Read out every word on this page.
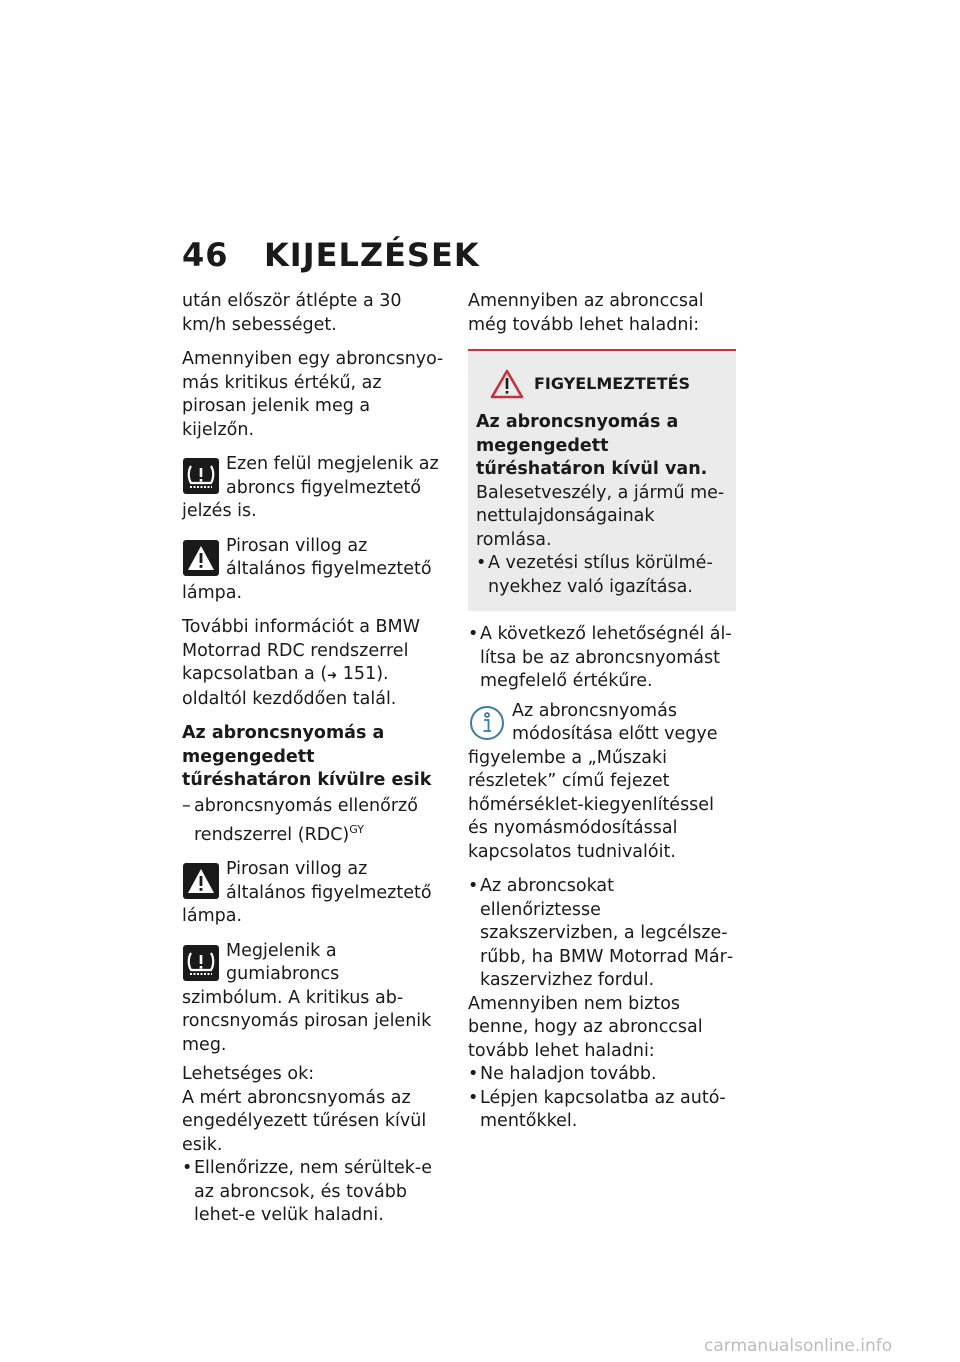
46 KIJELZÉSEK

után először átlépte a 30 km/h sebességet.

Amennyiben egy abroncsnyomás kritikus értékű, az pirosan jelenik meg a kijelzőn.

Ezen felül megjelenik az abroncs figyelmeztető jelzés is.
Pirosan villog az általános figyelmeztető lámpa.

További információt a BMW Motorrad RDC rendszerrel kapcsolatban a (➜ 151). oldaltól kezdődően talál.

Az abroncsnyomás a megengedett tűréshatáron kívülre esik

– abroncsnyomás ellenőrző rendszerrel (RDC)$^{GY}$
Pirosan villog az általános figyelmeztető lámpa.
Megjelenik a gumiabroncs szimbólum. A kritikus abroncsnyomás pirosan jelenik meg.

Lehetséges ok:

A mért abroncsnyomás az engedélyezett tűrésen kívül esik.

• Ellenőrizze, nem sérültek-e az abroncsok, és tovább lehet-e velük haladni.

Amennyiben az abronccsal még tovább lehet haladni:

FIGYELMEZTETÉS
Az abroncsnyomás a megengedett tűréshatáron kívül van.
Balesetveszély, a jármű menettulajdonságainak romlása.
• A vezetési stílus körülményekhez való igazítása.
• A következő lehetőségnél állítsa be az abroncsnyomást megfelelő értékűre.
Az abroncsnyomás módosítása előtt vegye figyelembe a „Műszaki részletek” című fejezet hőmérséklet-kiegyenlítéssel és nyomásmódosítással kapcsolatos tudnivalóit.
• Az abroncsokat ellenőriztesse szakszervizben, a legcélszerűbb, ha BMW Motorrad Márkaszervizhez fordul.

Amennyiben nem biztos benne, hogy az abronccsal tovább lehet haladni:

• Ne haladjon tovább.
• Lépjen kapcsolatba az autómentőkkel.
carmanualsonline.info
